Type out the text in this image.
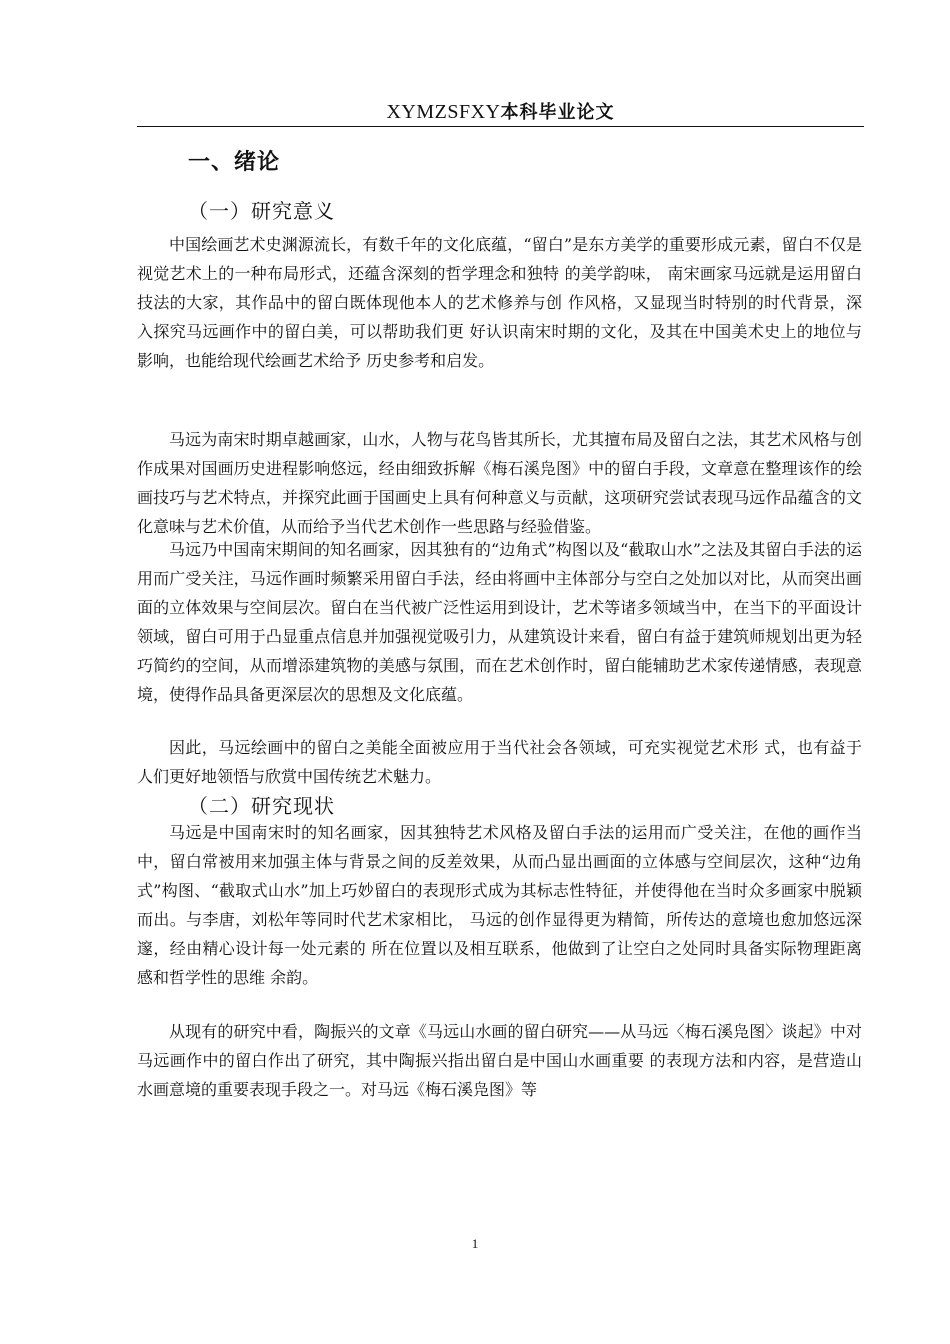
XYMZSFXY本科毕业论文
一、绪论
（一）研究意义

中国绘画艺术史渊源流长，有数千年的文化底蕴，“留白”是东方美学的重要形成元素，留白不仅是视觉艺术上的一种布局形式，还蕴含深刻的哲学理念和独特 的美学韵味， 南宋画家马远就是运用留白技法的大家，其作品中的留白既体现他本人的艺术修养与创 作风格，又显现当时特别的时代背景，深入探究马远画作中的留白美，可以帮助我们更 好认识南宋时期的文化，及其在中国美术史上的地位与影响，也能给现代绘画艺术给予 历史参考和启发。

马远为南宋时期卓越画家，山水，人物与花鸟皆其所长，尤其擅布局及留白之法，其艺术风格与创作成果对国画历史进程影响悠远，经由细致拆解《梅石溪凫图》中的留白手段，文章意在整理该作的绘画技巧与艺术特点，并探究此画于国画史上具有何种意义与贡献，这项研究尝试表现马远作品蕴含的文化意味与艺术价值，从而给予当代艺术创作一些思路与经验借鉴。

马远乃中国南宋期间的知名画家，因其独有的“边角式”构图以及“截取山水”之法及其留白手法的运用而广受关注，马远作画时频繁采用留白手法，经由将画中主体部分与空白之处加以对比，从而突出画面的立体效果与空间层次。留白在当代被广泛性运用到设计，艺术等诸多领域当中，在当下的平面设计领域，留白可用于凸显重点信息并加强视觉吸引力，从建筑设计来看，留白有益于建筑师规划出更为轻巧简约的空间，从而增添建筑物的美感与氛围，而在艺术创作时，留白能辅助艺术家传递情感，表现意境，使得作品具备更深层次的思想及文化底蕴。

因此，马远绘画中的留白之美能全面被应用于当代社会各领域，可充实视觉艺术形 式，也有益于人们更好地领悟与欣赏中国传统艺术魅力。

（二）研究现状

马远是中国南宋时的知名画家，因其独特艺术风格及留白手法的运用而广受关注，在他的画作当中，留白常被用来加强主体与背景之间的反差效果，从而凸显出画面的立体感与空间层次，这种“边角式”构图、“截取式山水”加上巧妙留白的表现形式成为其标志性特征，并使得他在当时众多画家中脱颖而出。与李唐，刘松年等同时代艺术家相比， 马远的创作显得更为精简，所传达的意境也愈加悠远深邃，经由精心设计每一处元素的 所在位置以及相互联系，他做到了让空白之处同时具备实际物理距离感和哲学性的思维 余韵。

从现有的研究中看，陶振兴的文章《马远山水画的留白研究——从马远〈梅石溪凫图〉谈起》中对马远画作中的留白作出了研究，其中陶振兴指出留白是中国山水画重要 的表现方法和内容，是营造山水画意境的重要表现手段之一。对马远《梅石溪凫图》等

1
